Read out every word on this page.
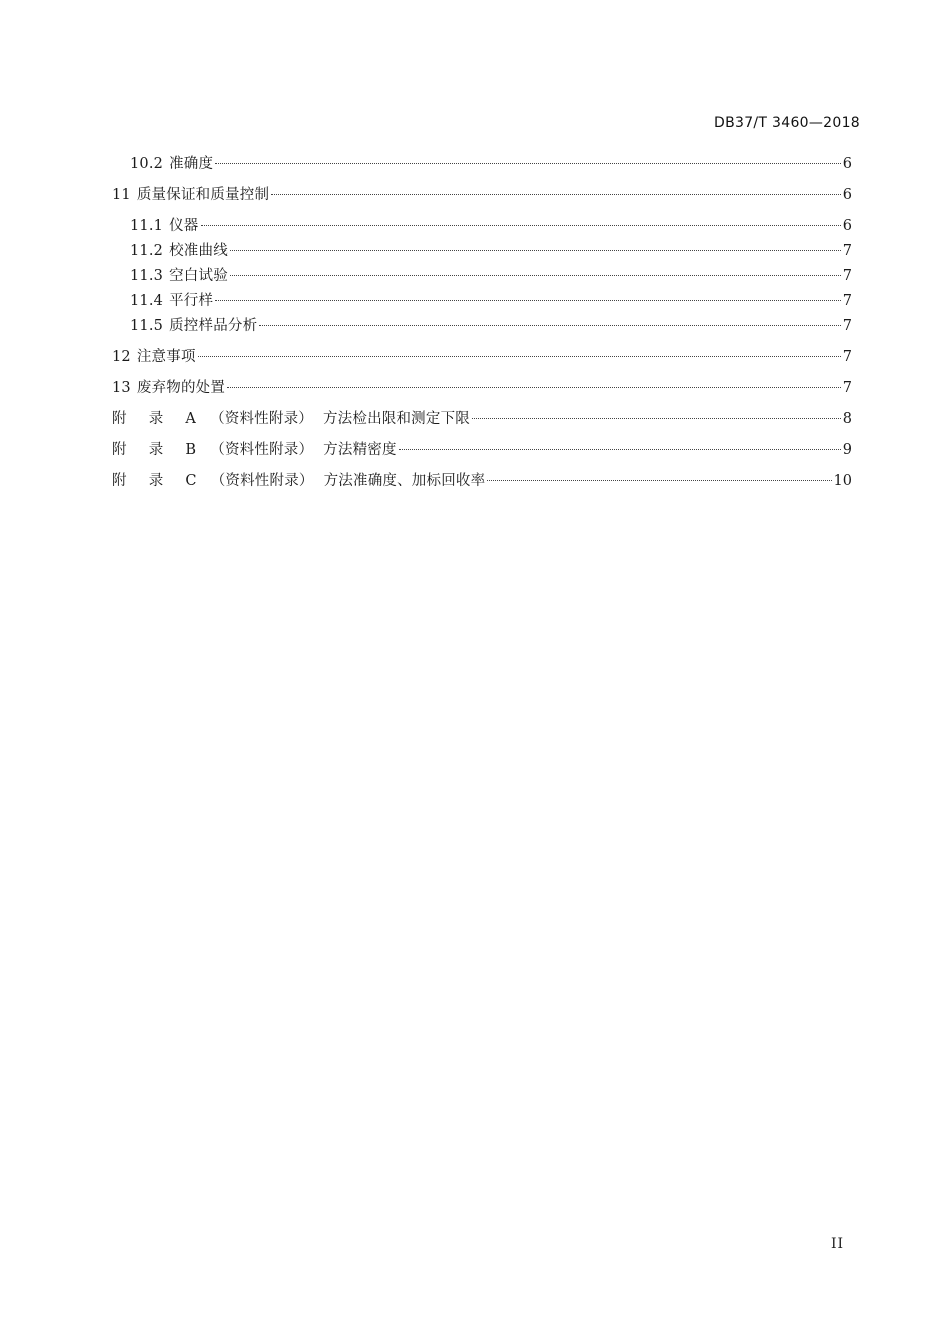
DB37/T 3460—2018
10.2 准确度	6
11 质量保证和质量控制	6
11.1 仪器	6
11.2 校准曲线	7
11.3 空白试验	7
11.4 平行样	7
11.5 质控样品分析	7
12 注意事项	7
13 废弃物的处置	7
附 录 A （资料性附录） 方法检出限和测定下限	8
附 录 B （资料性附录） 方法精密度	9
附 录 C （资料性附录） 方法准确度、加标回收率	10
II
